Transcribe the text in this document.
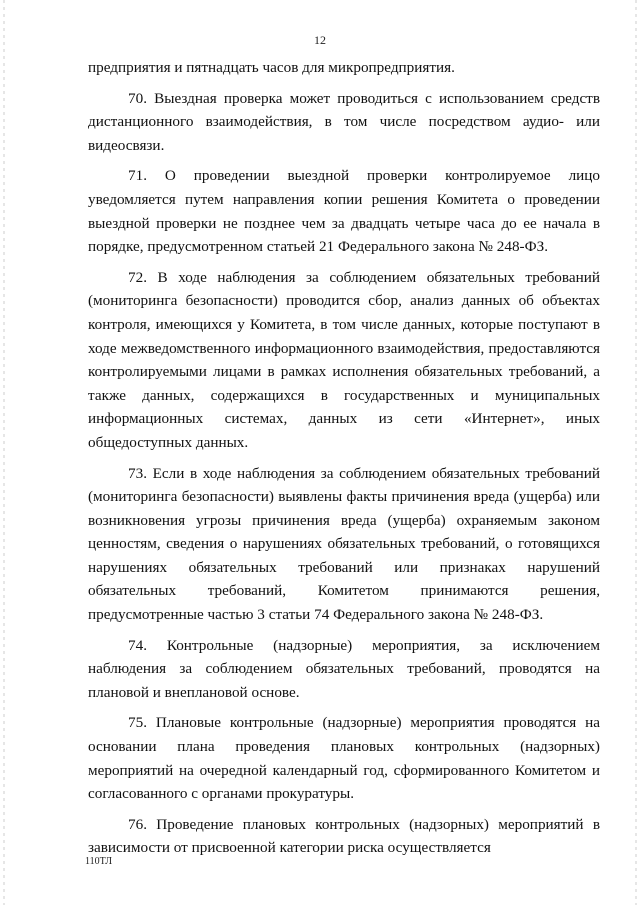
12

предприятия и пятнадцать часов для микропредприятия.

70. Выездная проверка может проводиться с использованием средств дистанционного взаимодействия, в том числе посредством аудио- или видеосвязи.

71. О проведении выездной проверки контролируемое лицо уведомляется путем направления копии решения Комитета о проведении выездной проверки не позднее чем за двадцать четыре часа до ее начала в порядке, предусмотренном статьей 21 Федерального закона № 248-ФЗ.

72. В ходе наблюдения за соблюдением обязательных требований (мониторинга безопасности) проводится сбор, анализ данных об объектах контроля, имеющихся у Комитета, в том числе данных, которые поступают в ходе межведомственного информационного взаимодействия, предоставляются контролируемыми лицами в рамках исполнения обязательных требований, а также данных, содержащихся в государственных и муниципальных информационных системах, данных из сети «Интернет», иных общедоступных данных.

73. Если в ходе наблюдения за соблюдением обязательных требований (мониторинга безопасности) выявлены факты причинения вреда (ущерба) или возникновения угрозы причинения вреда (ущерба) охраняемым законом ценностям, сведения о нарушениях обязательных требований, о готовящихся нарушениях обязательных требований или признаках нарушений обязательных требований, Комитетом принимаются решения, предусмотренные частью 3 статьи 74 Федерального закона № 248-ФЗ.

74. Контрольные (надзорные) мероприятия, за исключением наблюдения за соблюдением обязательных требований, проводятся на плановой и внеплановой основе.

75. Плановые контрольные (надзорные) мероприятия проводятся на основании плана проведения плановых контрольных (надзорных) мероприятий на очередной календарный год, сформированного Комитетом и согласованного с органами прокуратуры.

76. Проведение плановых контрольных (надзорных) мероприятий в зависимости от присвоенной категории риска осуществляется

110ТЛ
